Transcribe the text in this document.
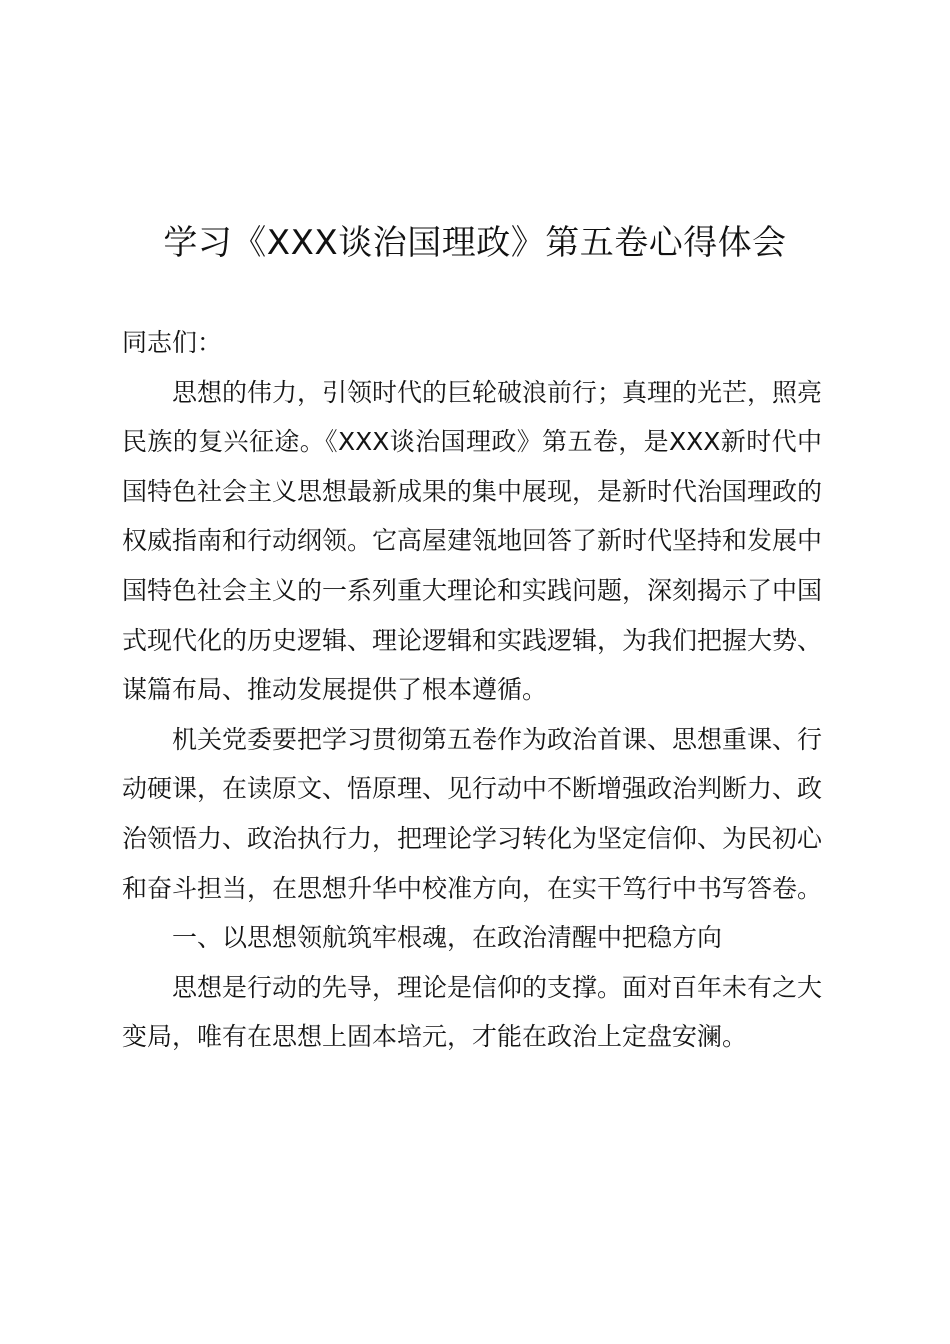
学习《XXX谈治国理政》第五卷心得体会

同志们：

思想的伟力，引领时代的巨轮破浪前行；真理的光芒，照亮民族的复兴征途。《XXX谈治国理政》第五卷，是XXX新时代中国特色社会主义思想最新成果的集中展现，是新时代治国理政的权威指南和行动纲领。它高屋建瓴地回答了新时代坚持和发展中国特色社会主义的一系列重大理论和实践问题，深刻揭示了中国式现代化的历史逻辑、理论逻辑和实践逻辑，为我们把握大势、谋篇布局、推动发展提供了根本遵循。

机关党委要把学习贯彻第五卷作为政治首课、思想重课、行动硬课，在读原文、悟原理、见行动中不断增强政治判断力、政治领悟力、政治执行力，把理论学习转化为坚定信仰、为民初心和奋斗担当，在思想升华中校准方向，在实干笃行中书写答卷。

一、以思想领航筑牢根魂，在政治清醒中把稳方向

思想是行动的先导，理论是信仰的支撑。面对百年未有之大变局，唯有在思想上固本培元，才能在政治上定盘安澜。
